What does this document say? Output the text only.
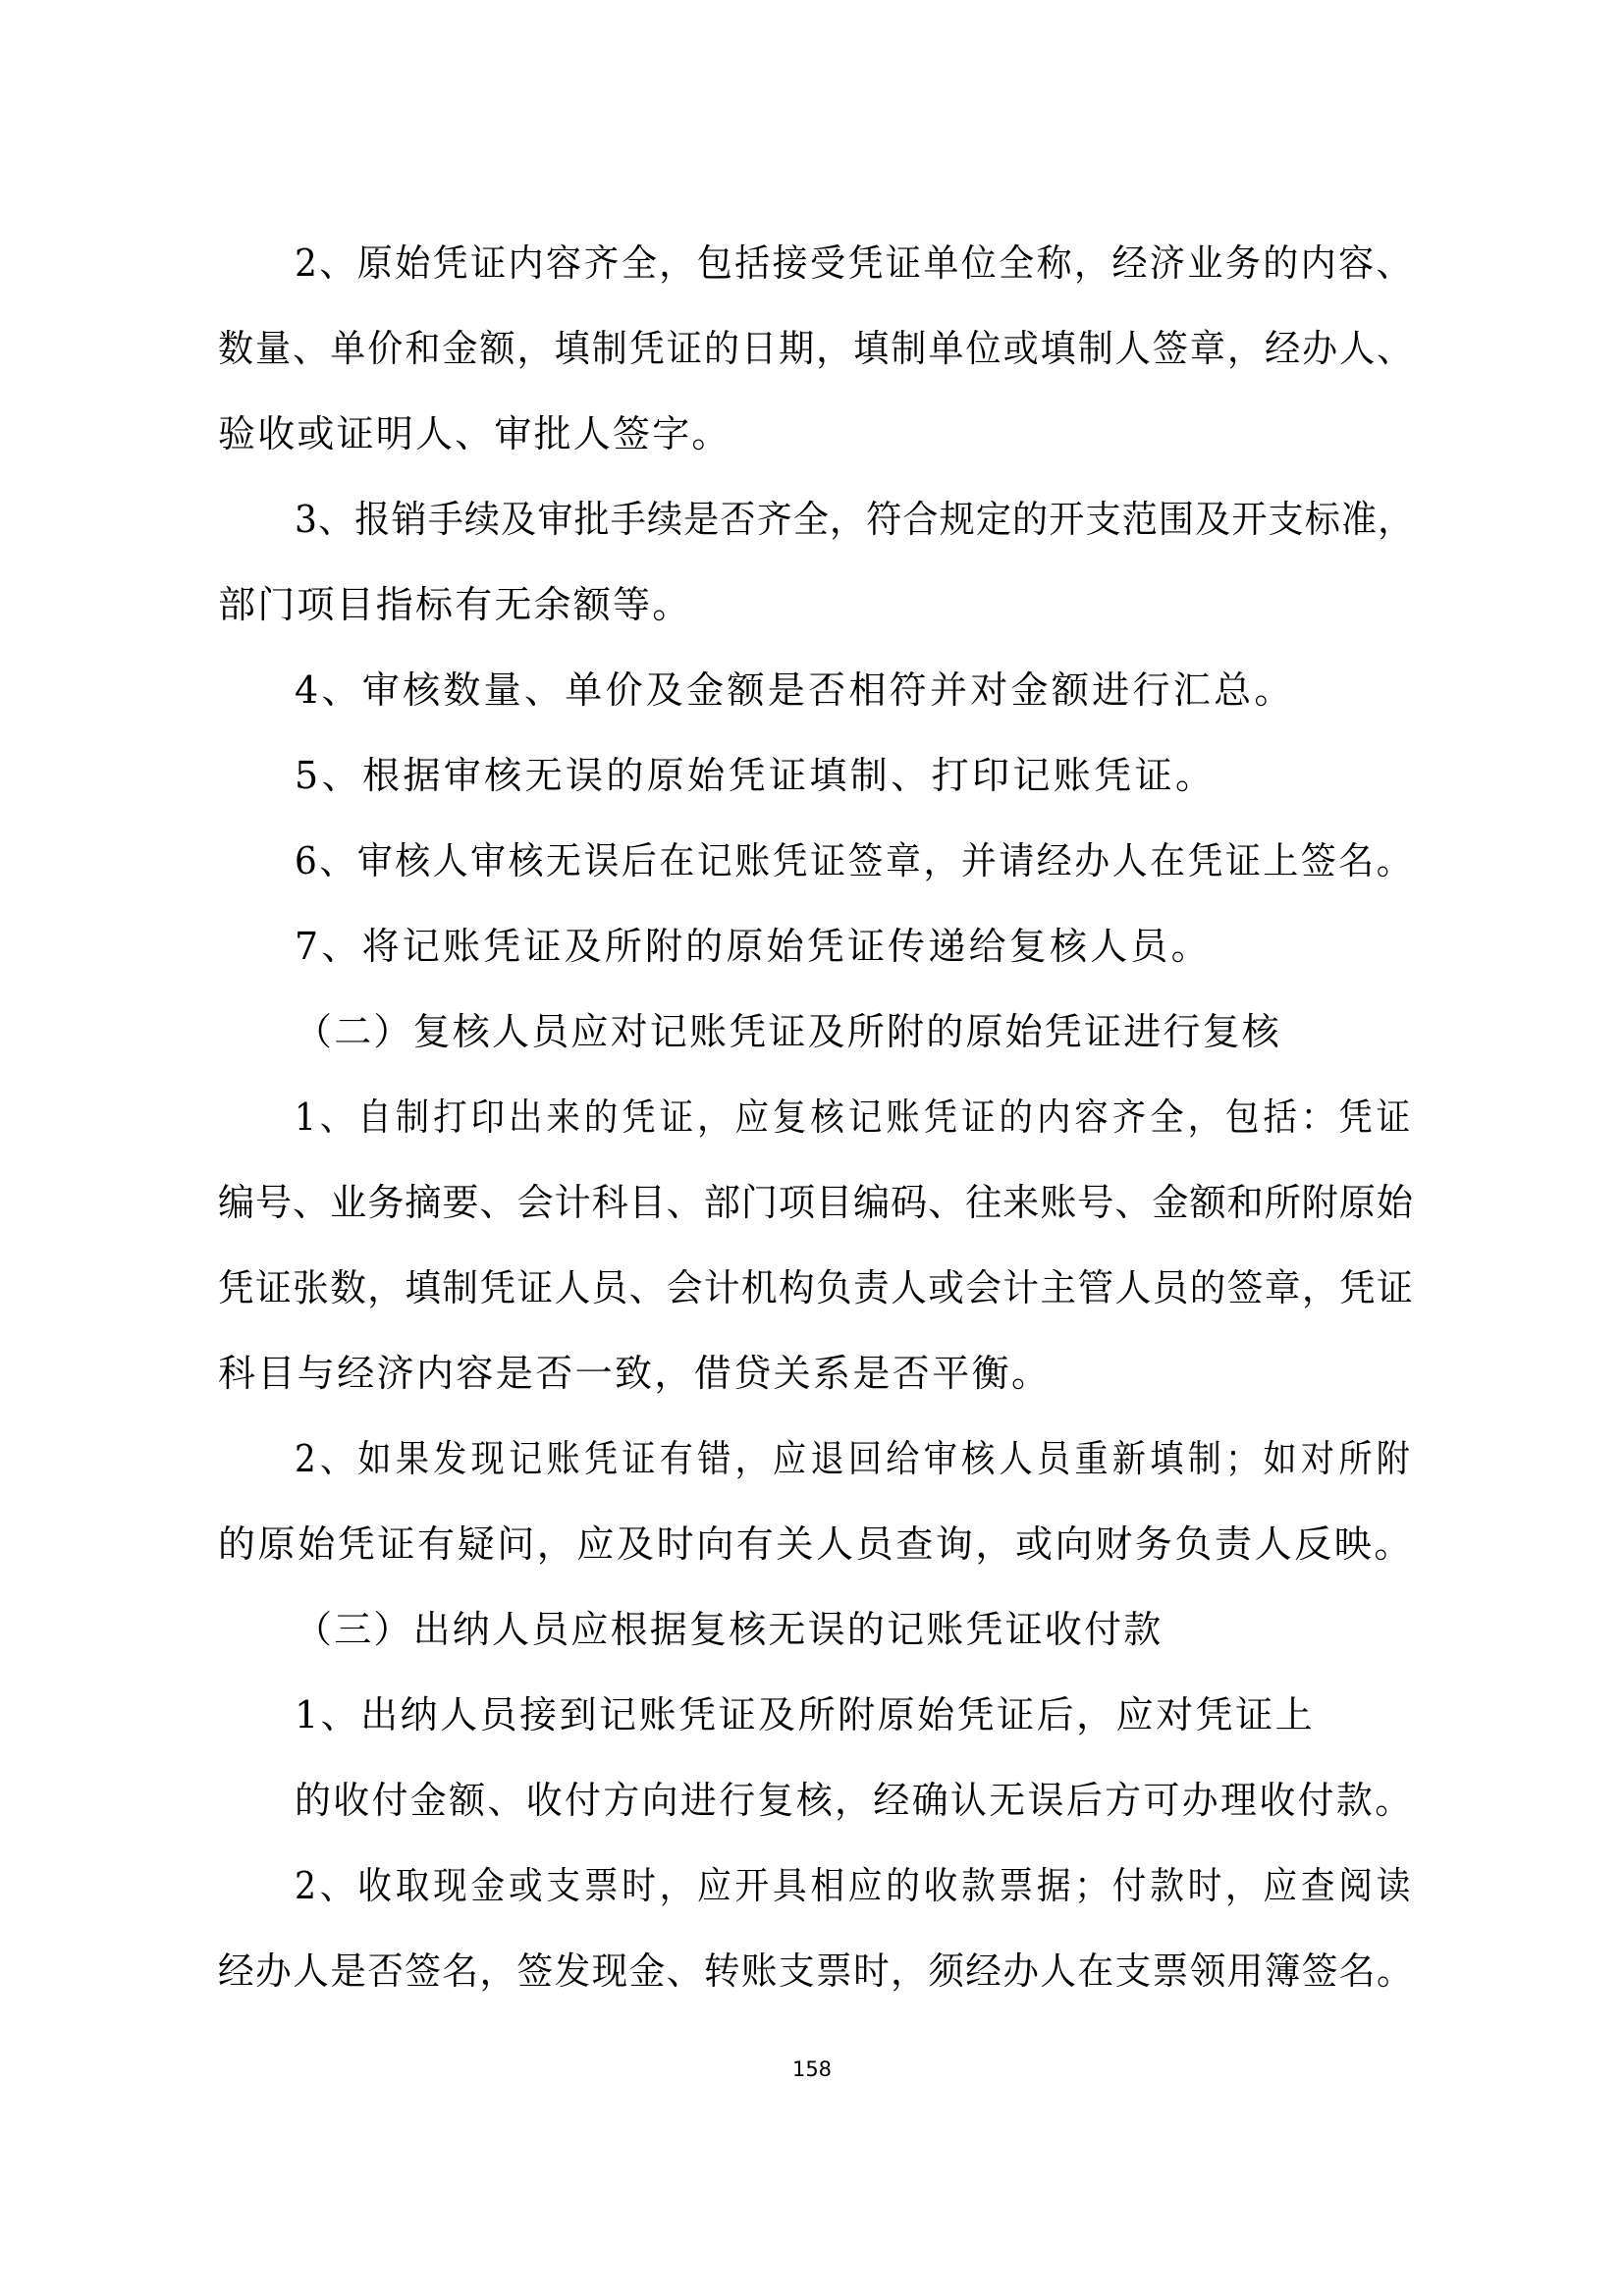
2、原始凭证内容齐全，包括接受凭证单位全称，经济业务的内容、
数量、单价和金额，填制凭证的日期，填制单位或填制人签章，经办人、
验收或证明人、审批人签字。
3、报销手续及审批手续是否齐全，符合规定的开支范围及开支标准，
部门项目指标有无余额等。
4、审核数量、单价及金额是否相符并对金额进行汇总。
5、根据审核无误的原始凭证填制、打印记账凭证。
6、审核人审核无误后在记账凭证签章，并请经办人在凭证上签名。
7、将记账凭证及所附的原始凭证传递给复核人员。
（二）复核人员应对记账凭证及所附的原始凭证进行复核
1、自制打印出来的凭证，应复核记账凭证的内容齐全，包括：凭证
编号、业务摘要、会计科目、部门项目编码、往来账号、金额和所附原始
凭证张数，填制凭证人员、会计机构负责人或会计主管人员的签章，凭证
科目与经济内容是否一致，借贷关系是否平衡。
2、如果发现记账凭证有错，应退回给审核人员重新填制；如对所附
的原始凭证有疑问，应及时向有关人员查询，或向财务负责人反映。
（三）出纳人员应根据复核无误的记账凭证收付款
1、出纳人员接到记账凭证及所附原始凭证后，应对凭证上
的收付金额、收付方向进行复核，经确认无误后方可办理收付款。
2、收取现金或支票时，应开具相应的收款票据；付款时，应查阅读
经办人是否签名，签发现金、转账支票时，须经办人在支票领用簿签名。
158
